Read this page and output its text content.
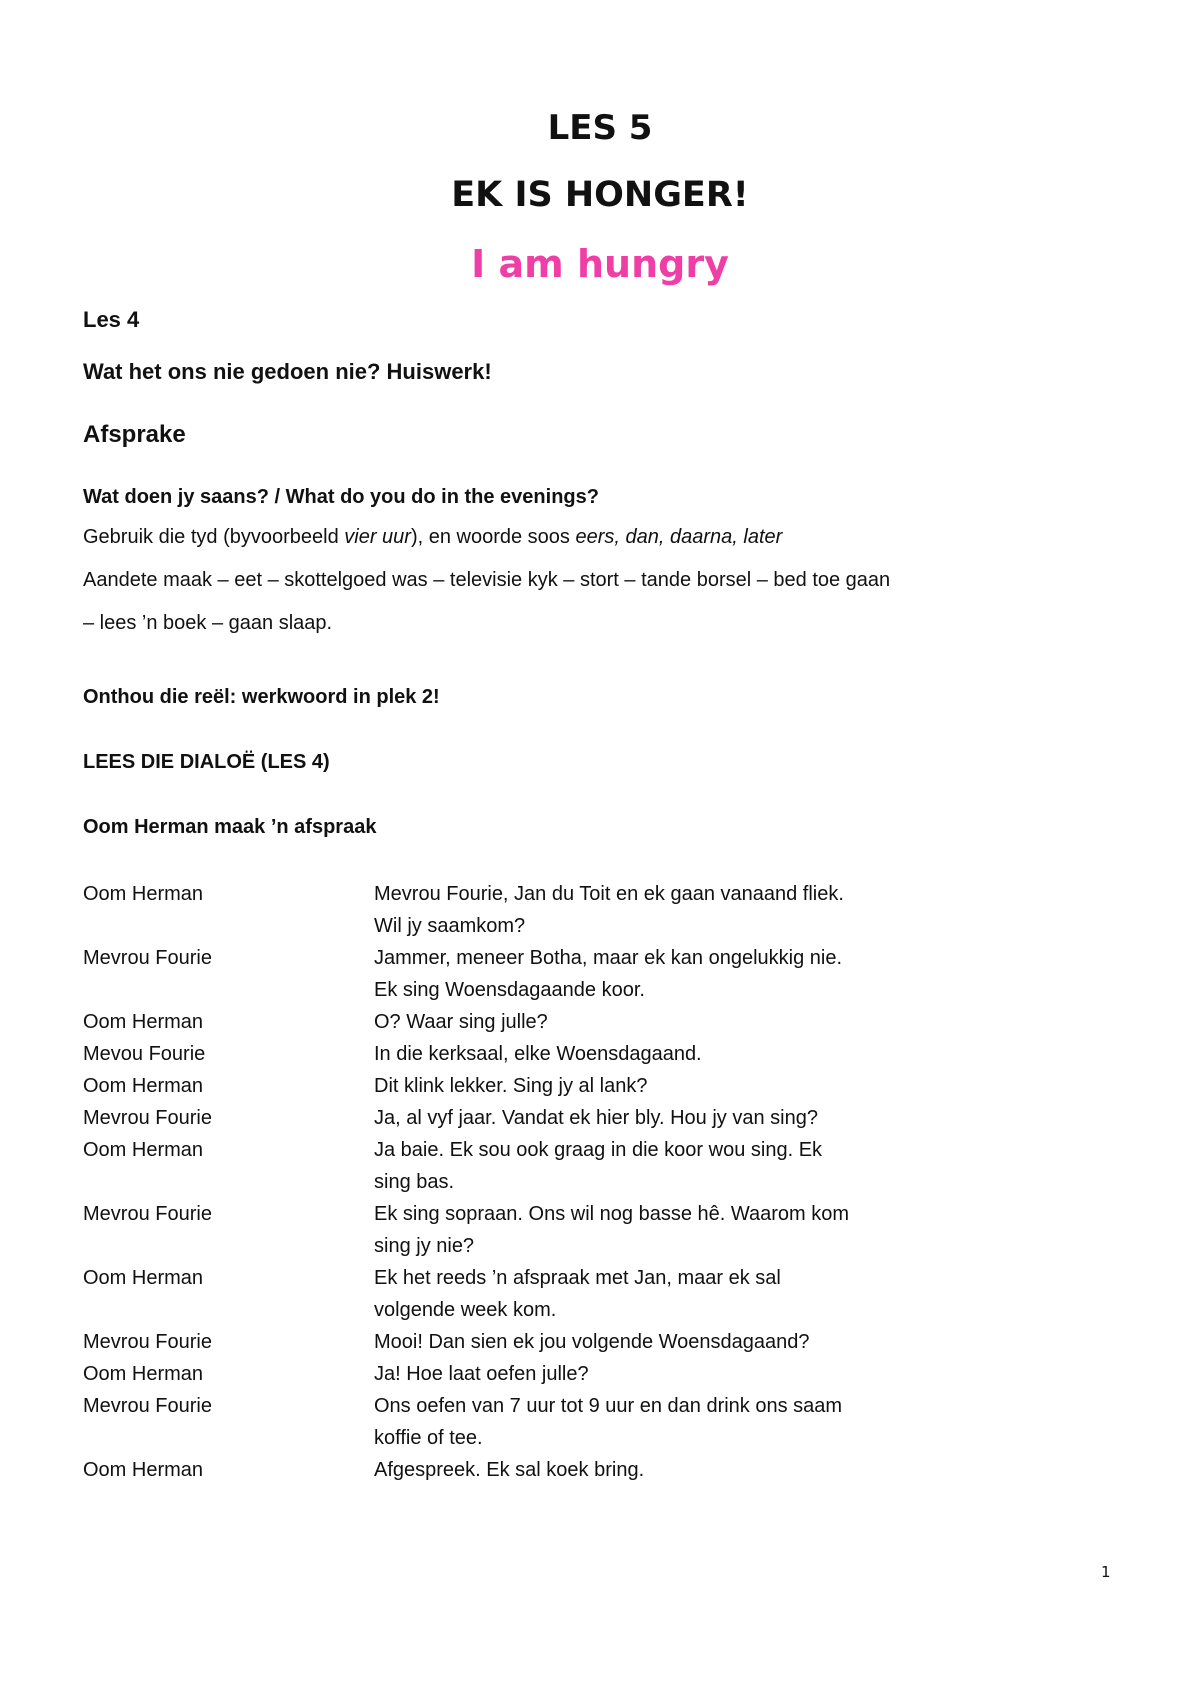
LES 5
EK IS HONGER!
I am hungry

Les 4

Wat het ons nie gedoen nie? Huiswerk!

Afsprake

Wat doen jy saans? / What do you do in the evenings?

Gebruik die tyd (byvoorbeeld vier uur), en woorde soos eers, dan, daarna, later

Aandete maak – eet – skottelgoed was – televisie kyk – stort – tande borsel – bed toe gaan

– lees ’n boek – gaan slaap.

Onthou die reël: werkwoord in plek 2!

LEES DIE DIALOË (LES 4)

Oom Herman maak ’n afspraak

Oom Herman	Mevrou Fourie, Jan du Toit en ek gaan vanaand fliek.
Wil jy saamkom?
Mevrou Fourie	Jammer, meneer Botha, maar ek kan ongelukkig nie.
Ek sing Woensdagaande koor.
Oom Herman	O? Waar sing julle?
Mevou Fourie	In die kerksaal, elke Woensdagaand.
Oom Herman	Dit klink lekker. Sing jy al lank?
Mevrou Fourie	Ja, al vyf jaar. Vandat ek hier bly. Hou jy van sing?
Oom Herman	Ja baie. Ek sou ook graag in die koor wou sing. Ek
sing bas.
Mevrou Fourie	Ek sing sopraan. Ons wil nog basse hê. Waarom kom
sing jy nie?
Oom Herman	Ek het reeds ’n afspraak met Jan, maar ek sal
volgende week kom.
Mevrou Fourie	Mooi! Dan sien ek jou volgende Woensdagaand?
Oom Herman	Ja! Hoe laat oefen julle?
Mevrou Fourie	Ons oefen van 7 uur tot 9 uur en dan drink ons saam
koffie of tee.
Oom Herman	Afgespreek. Ek sal koek bring.
1
